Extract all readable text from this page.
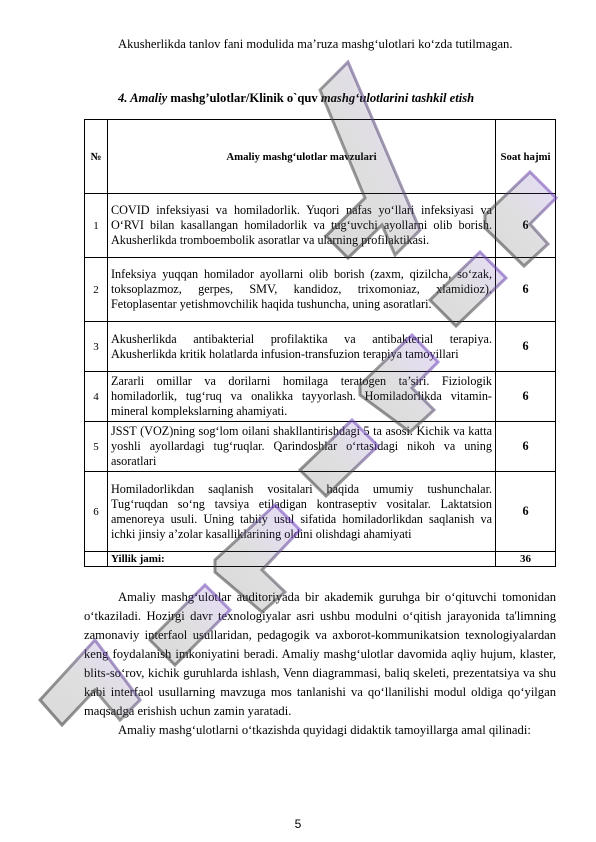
Akusherlikda tanlov fani modulida ma’ruza mashg‘ulotlari ko‘zda tutilmagan.

4. Amaliy mashg’ulotlar/Klinik o`quv mashg‘ulotlarini tashkil etish
№	Amaliy mashg‘ulotlar mavzulari	Soat hajmi
1	COVID infeksiyasi va homiladorlik. Yuqori nafas yo‘llari infeksiyasi va O‘RVI bilan kasallangan homiladorlik va tug‘uvchi ayollarni olib borish. Akusherlikda tromboembolik asoratlar va ularning profilaktikasi.	6
2	Infeksiya yuqqan homilador ayollarni olib borish (zaxm, qizilcha, so‘zak, toksoplazmoz, gerpes, SMV, kandidoz, trixomoniaz, xlamidioz). Fetoplasentar yetishmovchilik haqida tushuncha, uning asoratlari.	6
3	Akusherlikda antibakterial profilaktika va antibakterial terapiya. Akusherlikda kritik holatlarda infusion-transfuzion terapiya tamoyillari	6
4	Zararli omillar va dorilarni homilaga teratogen ta’siri. Fiziologik homiladorlik, tug‘ruq va onalikka tayyorlash. Homiladorlikda vitamin-mineral komplekslarning ahamiyati.	6
5	JSST (VOZ)ning sog‘lom oilani shakllantirishdagi 5 ta asosi. Kichik va katta yoshli ayollardagi tug‘ruqlar. Qarindoshlar o‘rtasidagi nikoh va uning asoratlari	6
6	Homiladorlikdan saqlanish vositalari haqida umumiy tushunchalar. Tug‘ruqdan so‘ng tavsiya etiladigan kontraseptiv vositalar. Laktatsion amenoreya usuli. Uning tabiiy usul sifatida homiladorlikdan saqlanish va ichki jinsiy a’zolar kasalliklarining oldini olishdagi ahamiyati	6
	Yillik jami:	36

Amaliy mashg‘ulotlar auditoriyada bir akademik guruhga bir o‘qituvchi tomonidan o‘tkaziladi. Hozirgi davr texnologiyalar asri ushbu modulni o‘qitish jarayonida ta'limning zamonaviy interfaol usullaridan, pedagogik va axborot-kommunikatsion texnologiyalardan keng foydalanish imkoniyatini beradi. Amaliy mashg‘ulotlar davomida aqliy hujum, klaster, blits-so‘rov, kichik guruhlarda ishlash, Venn diagrammasi, baliq skeleti, prezentatsiya va shu kabi interfaol usullarning mavzuga mos tanlanishi va qo‘llanilishi modul oldiga qo‘yilgan maqsadga erishish uchun zamin yaratadi.

Amaliy mashg‘ulotlarni o‘tkazishda quyidagi didaktik tamoyillarga amal qilinadi:

5
